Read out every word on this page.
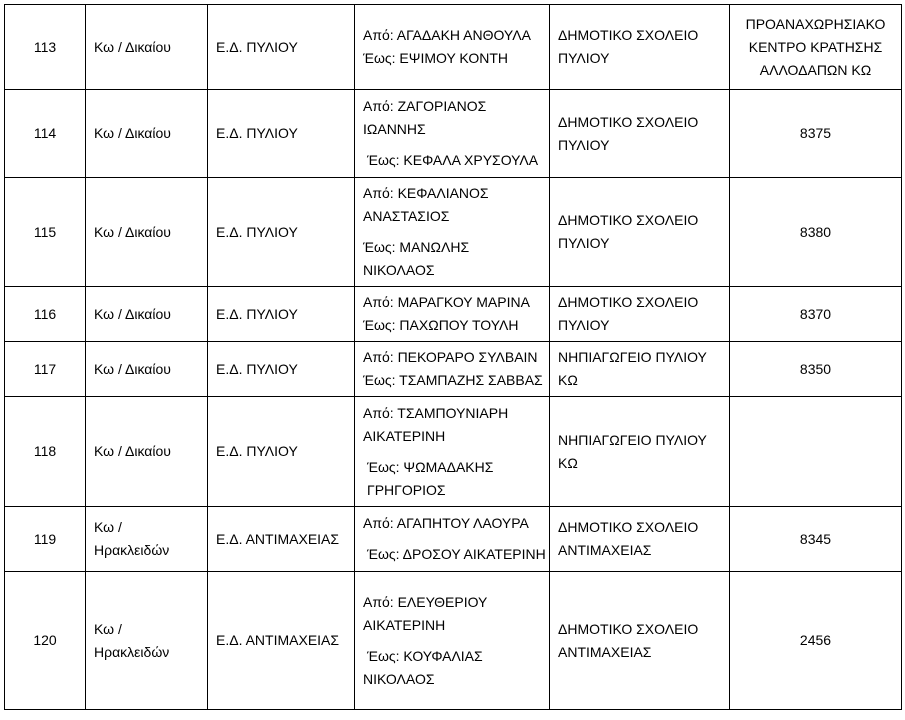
113	Κω / Δικαίου	Ε.Δ. ΠΥΛΙΟΥ	Από: ΑΓΑΔΑΚΗ ΑΝΘΟΥΛΑ
Έως: ΕΨΙΜΟΥ ΚΟΝΤΗ	ΔΗΜΟΤΙΚΟ ΣΧΟΛΕΙΟ
ΠΥΛΙΟΥ	ΠΡΟΑΝΑΧΩΡΗΣΙΑΚΟ
ΚΕΝΤΡΟ ΚΡΑΤΗΣΗΣ
ΑΛΛΟΔΑΠΩΝ ΚΩ

114	Κω / Δικαίου	Ε.Δ. ΠΥΛΙΟΥ	Από: ΖΑΓΟΡΙΑΝΟΣ
ΙΩΑΝΝΗΣ
Έως: ΚΕΦΑΛΑ ΧΡΥΣΟΥΛΑ	ΔΗΜΟΤΙΚΟ ΣΧΟΛΕΙΟ
ΠΥΛΙΟΥ	8375
115	Κω / Δικαίου	Ε.Δ. ΠΥΛΙΟΥ	Από: ΚΕΦΑΛΙΑΝΟΣ
ΑΝΑΣΤΑΣΙΟΣ
Έως: ΜΑΝΩΛΗΣ
ΝΙΚΟΛΑΟΣ	ΔΗΜΟΤΙΚΟ ΣΧΟΛΕΙΟ
ΠΥΛΙΟΥ	8380
116	Κω / Δικαίου	Ε.Δ. ΠΥΛΙΟΥ	Από: ΜΑΡΑΓΚΟΥ ΜΑΡΙΝΑ
Έως: ΠΑΧΩΠΟΥ ΤΟΥΛΗ	ΔΗΜΟΤΙΚΟ ΣΧΟΛΕΙΟ
ΠΥΛΙΟΥ	8370
117	Κω / Δικαίου	Ε.Δ. ΠΥΛΙΟΥ	Από: ΠΕΚΟΡΑΡΟ ΣΥΛΒΑΙΝ
Έως: ΤΣΑΜΠΑΖΗΣ ΣΑΒΒΑΣ	ΝΗΠΙΑΓΩΓΕΙΟ ΠΥΛΙΟΥ
ΚΩ	8350
118	Κω / Δικαίου	Ε.Δ. ΠΥΛΙΟΥ	Από: ΤΣΑΜΠΟΥΝΙΑΡΗ
ΑΙΚΑΤΕΡΙΝΗ
Έως: ΨΩΜΑΔΑΚΗΣ
ΓΡΗΓΟΡΙΟΣ	ΝΗΠΙΑΓΩΓΕΙΟ ΠΥΛΙΟΥ
ΚΩ	

119	Κω /
Ηρακλειδών	Ε.Δ. ΑΝΤΙΜΑΧΕΙΑΣ	Από: ΑΓΑΠΗΤΟΥ ΛΑΟΥΡΑ
Έως: ΔΡΟΣΟΥ ΑΙΚΑΤΕΡΙΝΗ	ΔΗΜΟΤΙΚΟ ΣΧΟΛΕΙΟ
ΑΝΤΙΜΑΧΕΙΑΣ	8345
120	Κω /
Ηρακλειδών	Ε.Δ. ΑΝΤΙΜΑΧΕΙΑΣ	Από: ΕΛΕΥΘΕΡΙΟΥ
ΑΙΚΑΤΕΡΙΝΗ
Έως: ΚΟΥΦΑΛΙΑΣ
ΝΙΚΟΛΑΟΣ	ΔΗΜΟΤΙΚΟ ΣΧΟΛΕΙΟ
ΑΝΤΙΜΑΧΕΙΑΣ	2456
